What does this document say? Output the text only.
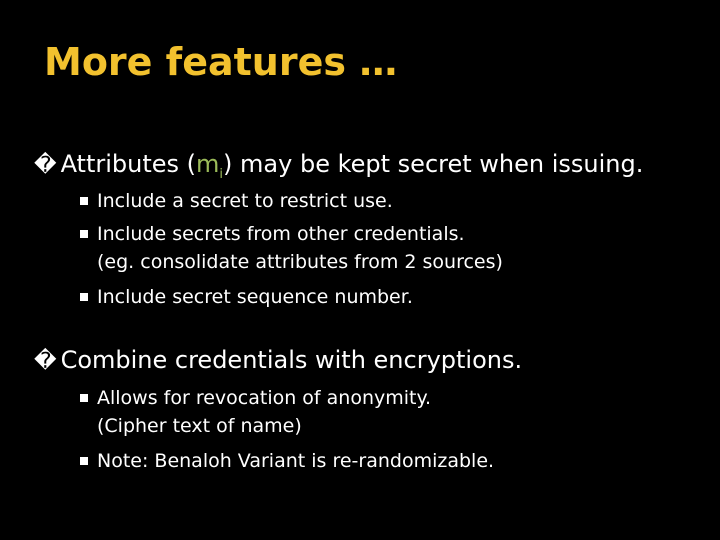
More features …
� Attributes $(m_i)$ may be kept secret when issuing.
Include a secret to restrict use.
Include secrets from other credentials.
(eg. consolidate attributes from 2 sources)
Include secret sequence number.
� Combine credentials with encryptions.
Allows for revocation of anonymity.
(Cipher text of name)
Note: Benaloh Variant is re-randomizable.
